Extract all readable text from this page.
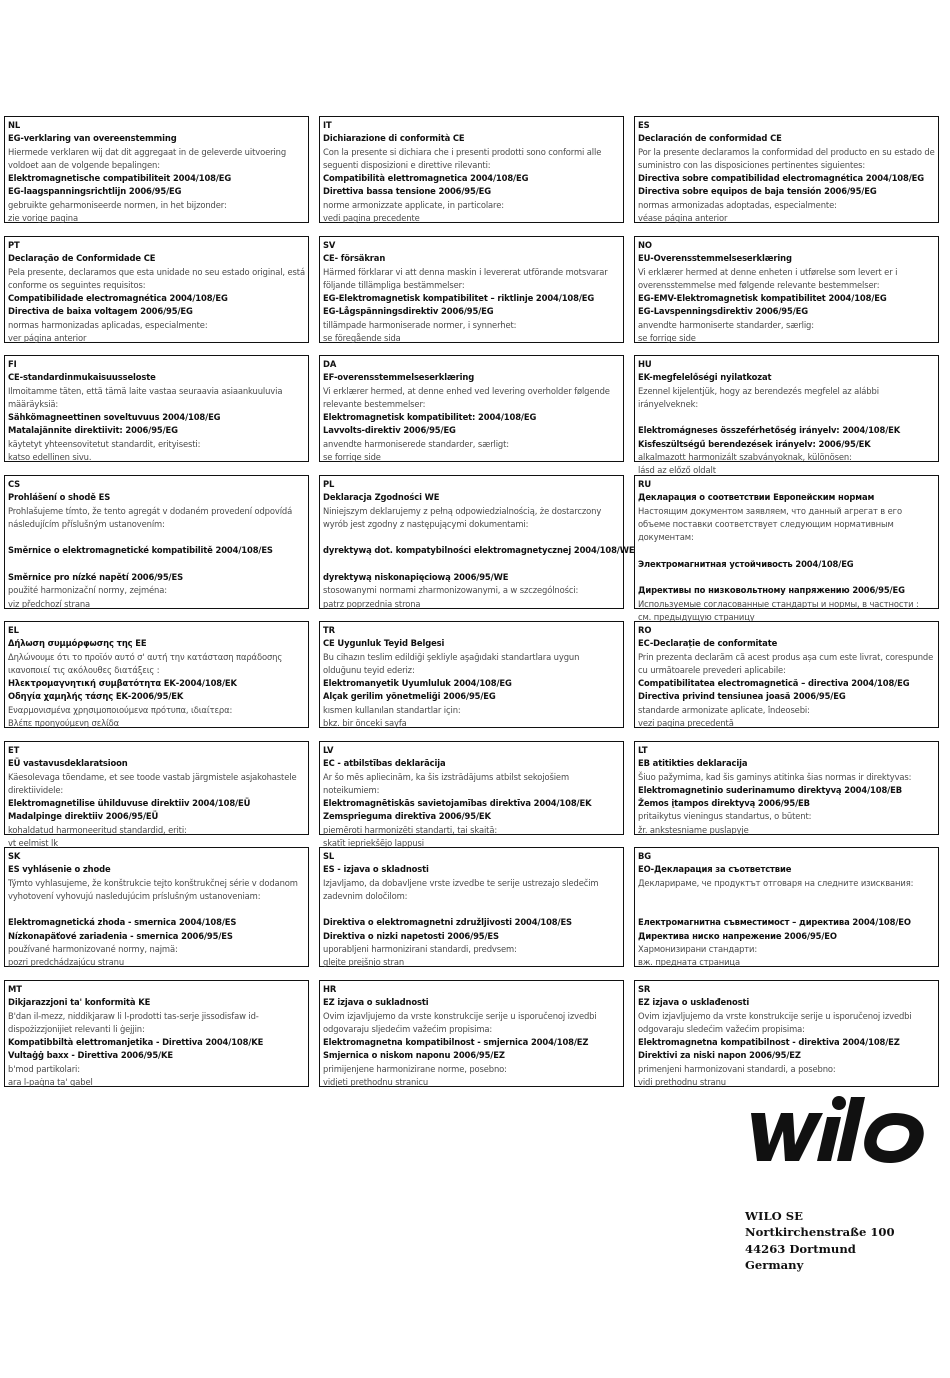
NL
EG-verklaring van overeenstemming
Hiermede verklaren wij dat dit aggregaat in de geleverde uitvoering voldoet aan de volgende bepalingen:
Elektromagnetische compatibiliteit 2004/108/EG
EG-laagspanningsrichtlijn 2006/95/EG
gebruikte geharmoniseerde normen, in het bijzonder:
zie vorige pagina
IT
Dichiarazione di conformità CE
Con la presente si dichiara che i presenti prodotti sono conformi alle seguenti disposizioni e direttive rilevanti:
Compatibilità elettromagnetica 2004/108/EG
Direttiva bassa tensione 2006/95/EG
norme armonizzate applicate, in particolare:
vedi pagina precedente
ES
Declaración de conformidad CE
Por la presente declaramos la conformidad del producto en su estado de suministro con las disposiciones pertinentes siguientes:
Directiva sobre compatibilidad electromagnética 2004/108/EG
Directiva sobre equipos de baja tensión 2006/95/EG
normas armonizadas adoptadas, especialmente:
véase página anterior
PT
Declaração de Conformidade CE
Pela presente, declaramos que esta unidade no seu estado original, está conforme os seguintes requisitos:
Compatibilidade electromagnética 2004/108/EG
Directiva de baixa voltagem 2006/95/EG
normas harmonizadas aplicadas, especialmente:
ver página anterior
SV
CE- försäkran
Härmed förklarar vi att denna maskin i levererat utförande motsvarar följande tillämpliga bestämmelser:
EG-Elektromagnetisk kompatibilitet – riktlinje 2004/108/EG
EG-Lågspänningsdirektiv 2006/95/EG
tillämpade harmoniserade normer, i synnerhet:
se föregående sida
NO
EU-Overensstemmelseserklæring
Vi erklærer hermed at denne enheten i utførelse som levert er i overensstemmelse med følgende relevante bestemmelser:
EG-EMV-Elektromagnetisk kompatibilitet 2004/108/EG
EG-Lavspenningsdirektiv 2006/95/EG
anvendte harmoniserte standarder, særlig:
se forrige side
FI
CE-standardinmukaisuusseloste
Ilmoitamme täten, että tämä laite vastaa seuraavia asiaankuuluvia määräyksiä:
Sähkömagneettinen soveltuvuus 2004/108/EG
Matalajännite direktiivit: 2006/95/EG
käytetyt yhteensovitetut standardit, erityisesti:
katso edellinen sivu.
DA
EF-overensstemmelseserklæring
Vi erklærer hermed, at denne enhed ved levering overholder følgende relevante bestemmelser:
Elektromagnetisk kompatibilitet: 2004/108/EG
Lavvolts-direktiv 2006/95/EG
anvendte harmoniserede standarder, særligt:
se forrige side
HU
EK-megfelelőségi nyilatkozat
Ezennel kijelentjük, hogy az berendezés megfelel az alábbi irányelveknek:
Elektromágneses összeférhetőség irányelv: 2004/108/EK
Kisfeszültségű berendezések irányelv: 2006/95/EK
alkalmazott harmonizált szabványoknak, különösen:
lásd az előző oldalt
CS
Prohlášení o shodě ES
Prohlašujeme tímto, že tento agregát v dodaném provedení odpovídá následujícím příslušným ustanovením:
Směrnice o elektromagnetické kompatibilitě 2004/108/ES
Směrnice pro nízké napětí 2006/95/ES
použité harmonizační normy, zejména:
viz předchozí strana
PL
Deklaracja Zgodności WE
Niniejszym deklarujemy z pełną odpowiedzialnością, że dostarczony wyrób jest zgodny z następującymi dokumentami:
dyrektywą dot. kompatybilności elektromagnetycznej 2004/108/WE
dyrektywą niskonapięciową 2006/95/WE
stosowanymi normami zharmonizowanymi, a w szczególności:
patrz poprzednia strona
RU
Декларация о соответствии Европейским нормам
Настоящим документом заявляем, что данный агрегат в его объеме поставки соответствует следующим нормативным документам:
Электромагнитная устойчивость 2004/108/EG
Директивы по низковольтному напряжению 2006/95/EG
Используемые согласованные стандарты и нормы, в частности :
см. предыдущую страницу
EL
Δήλωση συμμόρφωσης της ΕΕ
Δηλώνουμε ότι το προϊόν αυτό σ' αυτή την κατάσταση παράδοσης ικανοποιεί τις ακόλουθες διατάξεις :
Ηλεκτρομαγνητική συμβατότητα ΕΚ-2004/108/ΕΚ
Οδηγία χαμηλής τάσης ΕΚ-2006/95/ΕΚ
Εναρμονισμένα χρησιμοποιούμενα πρότυπα, ιδιαίτερα:
Βλέπε προηγούμενη σελίδα
TR
CE Uygunluk Teyid Belgesi
Bu cihazın teslim edildiği şekliyle aşağıdaki standartlara uygun olduğunu teyid ederiz:
Elektromanyetik Uyumluluk 2004/108/EG
Alçak gerilim yönetmeliği 2006/95/EG
kısmen kullanılan standartlar için:
bkz. bir önceki sayfa
RO
EC-Declarație de conformitate
Prin prezenta declarăm că acest produs așa cum este livrat, corespunde cu următoarele prevederi aplicabile:
Compatibilitatea electromagnetică – directiva 2004/108/EG
Directiva privind tensiunea joasă 2006/95/EG
standarde armonizate aplicate, îndeosebi:
vezi pagina precedentă
ET
EÜ vastavusdeklaratsioon
Käesolevaga tõendame, et see toode vastab järgmistele asjakohastele direktiividele:
Elektromagnetilise ühilduvuse direktiiv 2004/108/EÜ
Madalpinge direktiiv 2006/95/EÜ
kohaldatud harmoneeritud standardid, eriti:
vt eelmist lk
LV
EC - atbilstības deklarācija
Ar šo mēs apliecinām, ka šis izstrādājums atbilst sekojošiem noteikumiem:
Elektromagnētiskās savietojamības direktīva 2004/108/EK
Zemsprieguma direktīva 2006/95/EK
piemēroti harmonizēti standarti, tai skaitā:
skatīt iepriekšējo lappusi
LT
EB atitikties deklaracija
Šiuo pažymima, kad šis gaminys atitinka šias normas ir direktyvas:
Elektromagnetinio suderinamumo direktyvą 2004/108/EB
Žemos įtampos direktyvą 2006/95/EB
pritaikytus vieningus standartus, o būtent:
žr. ankstesniame puslapyje
SK
ES vyhlásenie o zhode
Týmto vyhlasujeme, že konštrukcie tejto konštrukčnej série v dodanom vyhotovení vyhovujú nasledujúcim príslušným ustanoveniam:
Elektromagnetická zhoda - smernica 2004/108/ES
Nízkonapäťové zariadenia - smernica 2006/95/ES
používané harmonizované normy, najmä:
pozri predchádzajúcu stranu
SL
ES - izjava o skladnosti
Izjavljamo, da dobavljene vrste izvedbe te serije ustrezajo sledečim zadevnim določilom:
Direktiva o elektromagnetni združljivosti 2004/108/ES
Direktiva o nizki napetosti 2006/95/ES
uporabljeni harmonizirani standardi, predvsem:
glejte prejšnjo stran
BG
ЕО-Декларация за съответствие
Декларираме, че продуктът отговаря на следните изисквания:
Електромагнитна съвместимост – директива 2004/108/ЕО
Директива ниско напрежение 2006/95/ЕО
Хармонизирани стандарти:
вж. предната страница
MT
Dikjarazzjoni ta' konformità KE
B'dan il-mezz, niddikjaraw li l-prodotti tas-serje jissodisfaw id-dispożizzjonijiet relevanti li ġejjin:
Kompatibbiltà elettromanjetika - Direttiva 2004/108/KE
Vultaġġ baxx - Direttiva 2006/95/KE
b'mod partikolari:
ara l-paġna ta' qabel
HR
EZ izjava o sukladnosti
Ovim izjavljujemo da vrste konstrukcije serije u isporučenoj izvedbi odgovaraju sljedećim važećim propisima:
Elektromagnetna kompatibilnost - smjernica 2004/108/EZ
Smjernica o niskom naponu 2006/95/EZ
primijenjene harmonizirane norme, posebno:
vidjeti prethodnu stranicu
SR
EZ izjava o usklađenosti
Ovim izjavljujemo da vrste konstrukcije serije u isporučenoj izvedbi odgovaraju sledećim važećim propisima:
Elektromagnetna kompatibilnost - direktiva 2004/108/EZ
Direktivi za niski napon 2006/95/EZ
primenjeni harmonizovani standardi, a posebno:
vidi prethodnu stranu
WILO SE
Nortkirchenstraße 100
44263 Dortmund
Germany
